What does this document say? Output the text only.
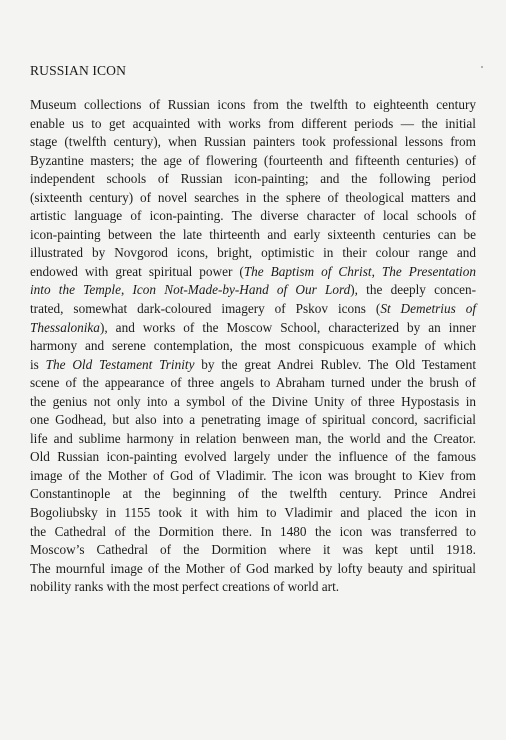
RUSSIAN ICON
Museum collections of Russian icons from the twelfth to eighteenth century
enable us to get acquainted with works from different periods — the initial
stage (twelfth century), when Russian painters took professional lessons from
Byzantine masters; the age of flowering (fourteenth and fifteenth centuries) of
independent schools of Russian icon-painting; and the following period
(sixteenth century) of novel searches in the sphere of theological matters and
artistic language of icon-painting. The diverse character of local schools of
icon-painting between the late thirteenth and early sixteenth centuries can be
illustrated by Novgorod icons, bright, optimistic in their colour range and
endowed with great spiritual power (The Baptism of Christ, The Presentation
into the Temple, Icon Not-Made-by-Hand of Our Lord), the deeply concen-
trated, somewhat dark-coloured imagery of Pskov icons (St Demetrius of
Thessalonika), and works of the Moscow School, characterized by an inner
harmony and serene contemplation, the most conspicuous example of which
is The Old Testament Trinity by the great Andrei Rublev. The Old Testament
scene of the appearance of three angels to Abraham turned under the brush of
the genius not only into a symbol of the Divine Unity of three Hypostasis in
one Godhead, but also into a penetrating image of spiritual concord, sacrificial
life and sublime harmony in relation benween man, the world and the Creator.
Old Russian icon-painting evolved largely under the influence of the famous
image of the Mother of God of Vladimir. The icon was brought to Kiev from
Constantinople at the beginning of the twelfth century. Prince Andrei
Bogoliubsky in 1155 took it with him to Vladimir and placed the icon in
the Cathedral of the Dormition there. In 1480 the icon was transferred to
Moscow’s Cathedral of the Dormition where it was kept until 1918.
The mournful image of the Mother of God marked by lofty beauty and spiritual
nobility ranks with the most perfect creations of world art.
